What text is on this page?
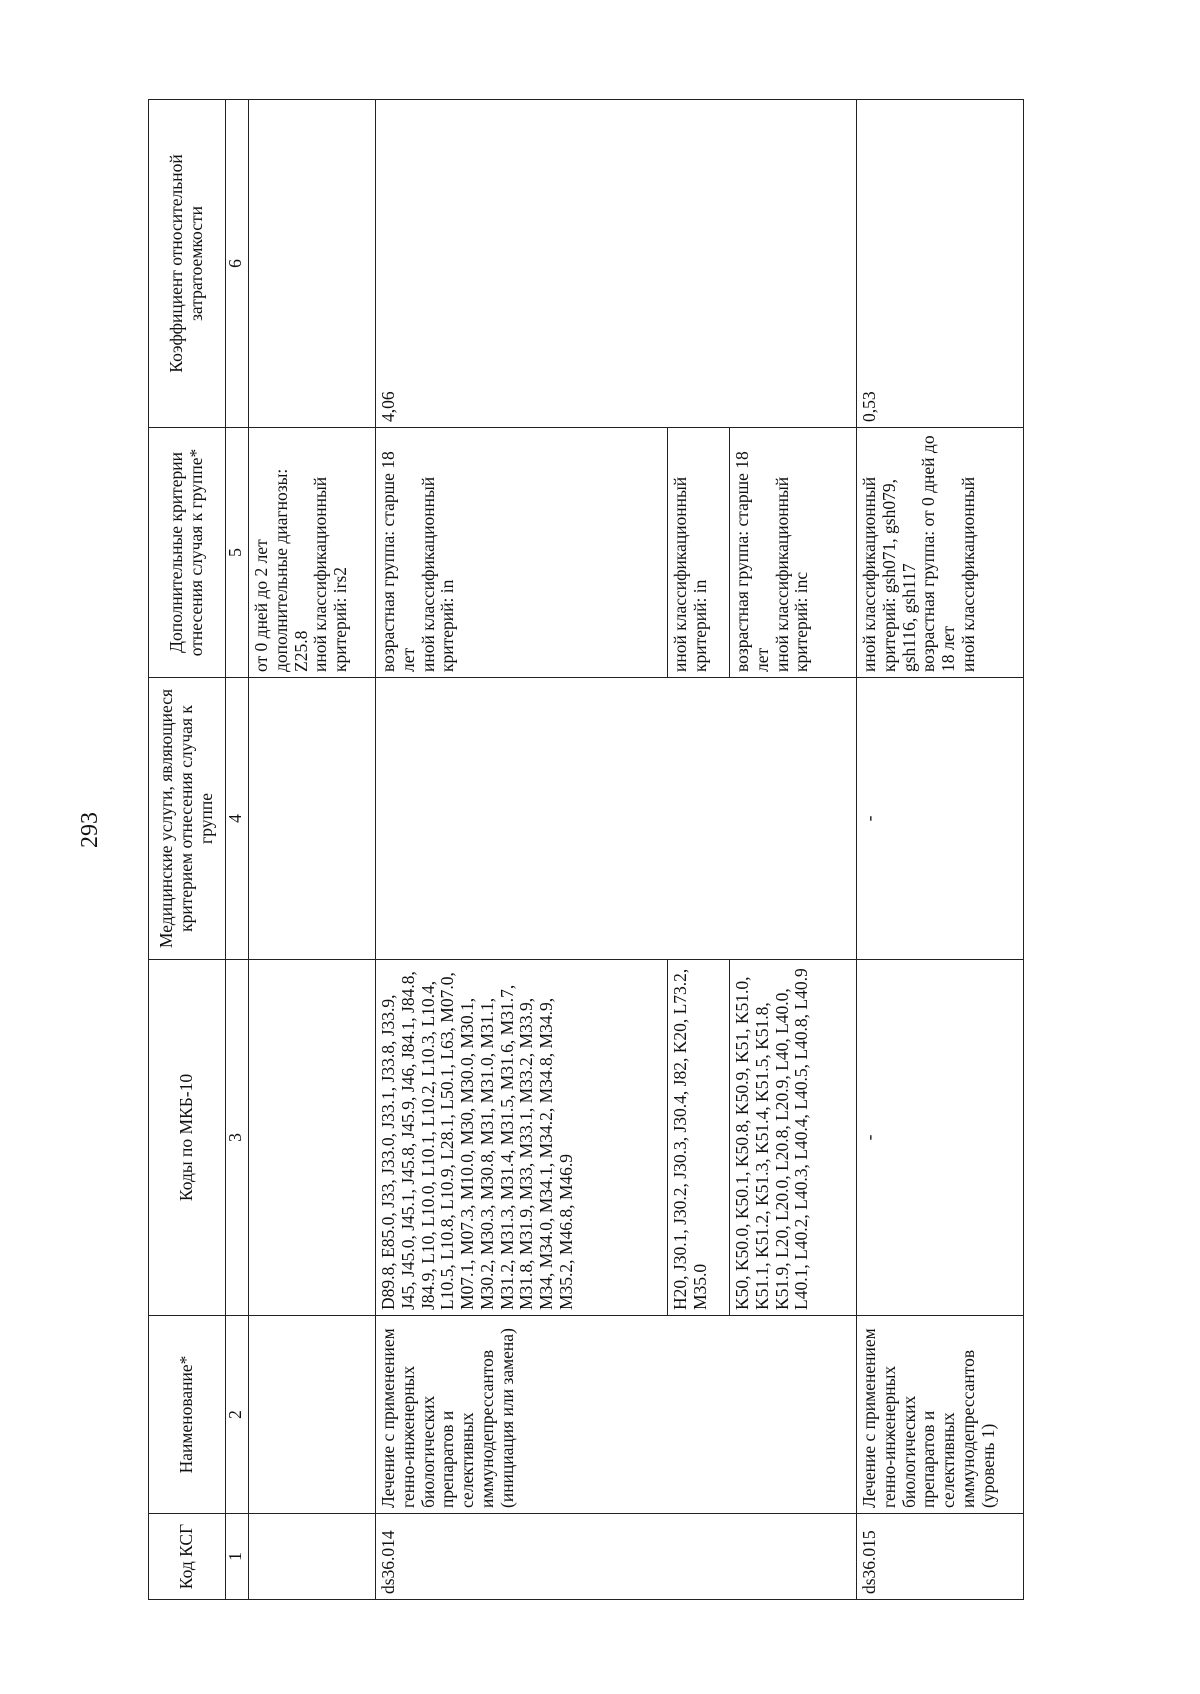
293
Код КСГ	Наименование*	Коды по МКБ-10	Медицинские услуги, являющиеся критерием отнесения случая к группе	Дополнительные критерии отнесения случая к группе*	Коэффициент относительной затратоемкости
1	2	3	4	5	6
				от 0 дней до 2 лет
дополнительные диагнозы: Z25.8
иной классификационный критерий: irs2	
ds36.014	Лечение с применением генно-инженерных биологических препаратов и селективных иммунодепрессантов (инициация или замена)	D89.8, E85.0, J33, J33.0, J33.1, J33.8, J33.9, J45, J45.0, J45.1, J45.8, J45.9, J46, J84.1, J84.8, J84.9, L10, L10.0, L10.1, L10.2, L10.3, L10.4, L10.5, L10.8, L10.9, L28.1, L50.1, L63, M07.0, M07.1, M07.3, M10.0, M30, M30.0, M30.1, M30.2, M30.3, M30.8, M31, M31.0, M31.1, M31.2, M31.3, M31.4, M31.5, M31.6, M31.7, M31.8, M31.9, M33, M33.1, M33.2, M33.9, M34, M34.0, M34.1, M34.2, M34.8, M34.9, M35.2, M46.8, M46.9		возрастная группа: старше 18 лет
иной классификационный критерий: in	4,06
		H20, J30.1, J30.2, J30.3, J30.4, J82, K20, L73.2, M35.0		иной классификационный критерий: in	
		K50, K50.0, K50.1, K50.8, K50.9, K51, K51.0, K51.1, K51.2, K51.3, K51.4, K51.5, K51.8, K51.9, L20, L20.0, L20.8, L20.9, L40, L40.0, L40.1, L40.2, L40.3, L40.4, L40.5, L40.8, L40.9		возрастная группа: старше 18 лет
иной классификационный критерий: inc	
ds36.015	Лечение с применением генно-инженерных биологических препаратов и селективных иммунодепрессантов (уровень 1)	-	-	иной классификационный критерий: gsh071, gsh079, gsh116, gsh117
возрастная группа: от 0 дней до 18 лет
иной классификационный	0,53
